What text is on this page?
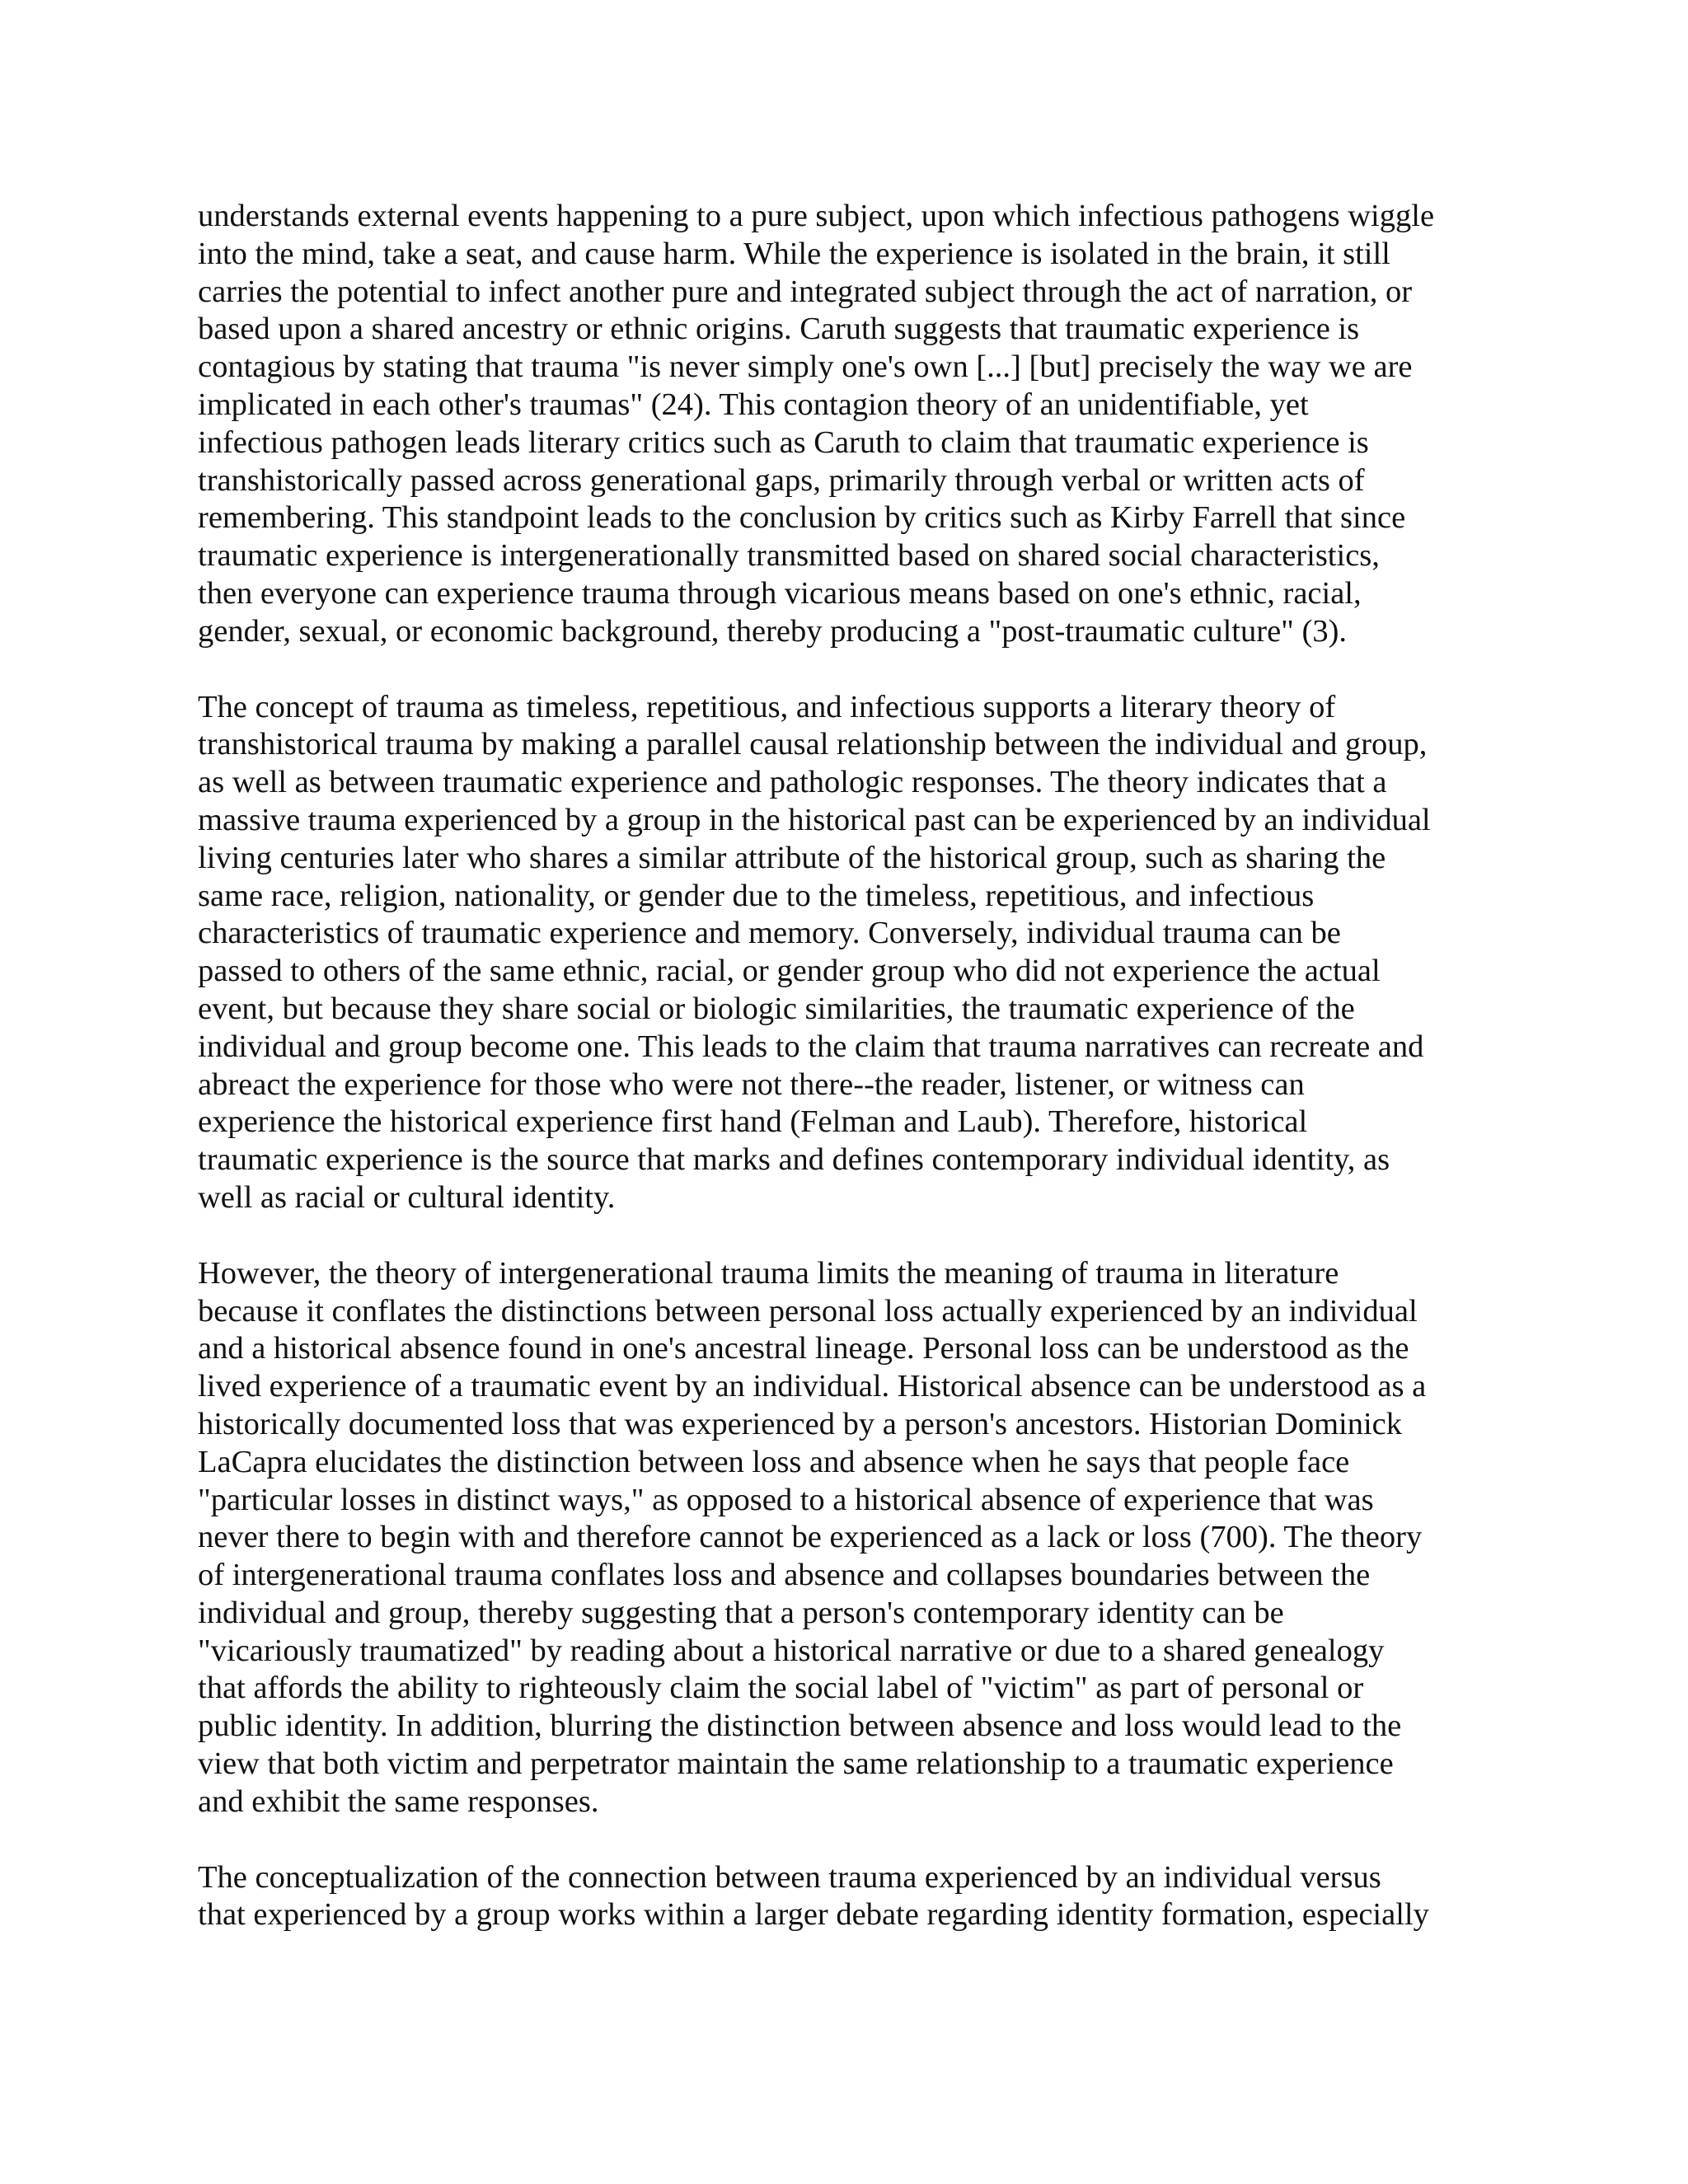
understands external events happening to a pure subject, upon which infectious pathogens wiggle
into the mind, take a seat, and cause harm. While the experience is isolated in the brain, it still
carries the potential to infect another pure and integrated subject through the act of narration, or
based upon a shared ancestry or ethnic origins. Caruth suggests that traumatic experience is
contagious by stating that trauma "is never simply one's own [...] [but] precisely the way we are
implicated in each other's traumas" (24). This contagion theory of an unidentifiable, yet
infectious pathogen leads literary critics such as Caruth to claim that traumatic experience is
transhistorically passed across generational gaps, primarily through verbal or written acts of
remembering. This standpoint leads to the conclusion by critics such as Kirby Farrell that since
traumatic experience is intergenerationally transmitted based on shared social characteristics,
then everyone can experience trauma through vicarious means based on one's ethnic, racial,
gender, sexual, or economic background, thereby producing a "post-traumatic culture" (3).

The concept of trauma as timeless, repetitious, and infectious supports a literary theory of
transhistorical trauma by making a parallel causal relationship between the individual and group,
as well as between traumatic experience and pathologic responses. The theory indicates that a
massive trauma experienced by a group in the historical past can be experienced by an individual
living centuries later who shares a similar attribute of the historical group, such as sharing the
same race, religion, nationality, or gender due to the timeless, repetitious, and infectious
characteristics of traumatic experience and memory. Conversely, individual trauma can be
passed to others of the same ethnic, racial, or gender group who did not experience the actual
event, but because they share social or biologic similarities, the traumatic experience of the
individual and group become one. This leads to the claim that trauma narratives can recreate and
abreact the experience for those who were not there--the reader, listener, or witness can
experience the historical experience first hand (Felman and Laub). Therefore, historical
traumatic experience is the source that marks and defines contemporary individual identity, as
well as racial or cultural identity.

However, the theory of intergenerational trauma limits the meaning of trauma in literature
because it conflates the distinctions between personal loss actually experienced by an individual
and a historical absence found in one's ancestral lineage. Personal loss can be understood as the
lived experience of a traumatic event by an individual. Historical absence can be understood as a
historically documented loss that was experienced by a person's ancestors. Historian Dominick
LaCapra elucidates the distinction between loss and absence when he says that people face
"particular losses in distinct ways," as opposed to a historical absence of experience that was
never there to begin with and therefore cannot be experienced as a lack or loss (700). The theory
of intergenerational trauma conflates loss and absence and collapses boundaries between the
individual and group, thereby suggesting that a person's contemporary identity can be
"vicariously traumatized" by reading about a historical narrative or due to a shared genealogy
that affords the ability to righteously claim the social label of "victim" as part of personal or
public identity. In addition, blurring the distinction between absence and loss would lead to the
view that both victim and perpetrator maintain the same relationship to a traumatic experience
and exhibit the same responses.

The conceptualization of the connection between trauma experienced by an individual versus
that experienced by a group works within a larger debate regarding identity formation, especially
